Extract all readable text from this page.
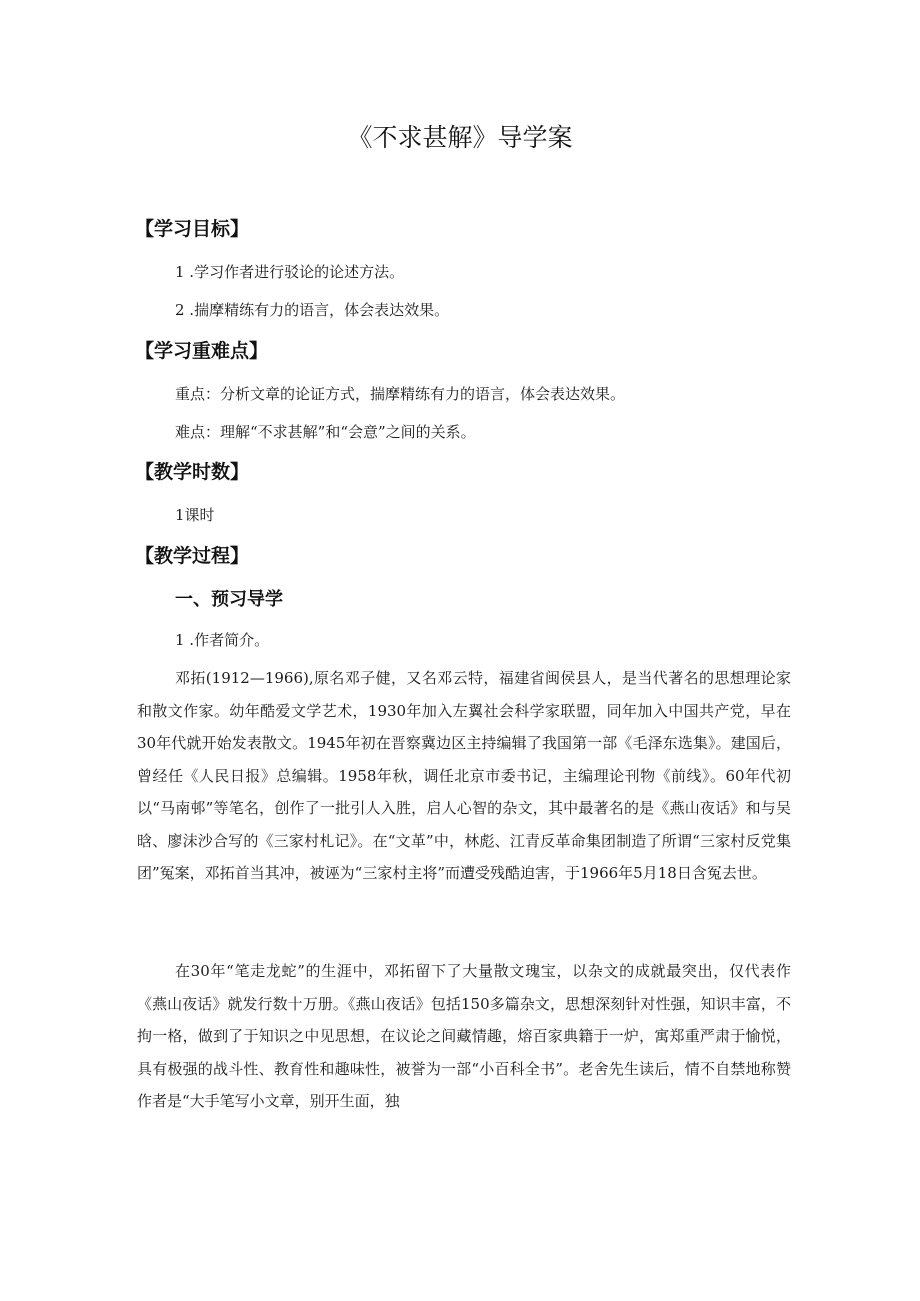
《不求甚解》导学案
【学习目标】
1 .学习作者进行驳论的论述方法。
2 .揣摩精练有力的语言，体会表达效果。
【学习重难点】
重点：分析文章的论证方式，揣摩精练有力的语言，体会表达效果。
难点：理解“不求甚解”和“会意”之间的关系。
【教学时数】
1课时
【教学过程】
一、预习导学
1 .作者简介。

邓拓(1912—1966),原名邓子健，又名邓云特，福建省闽侯县人，是当代著名的思想理论家和散文作家。幼年酷爱文学艺术，1930年加入左翼社会科学家联盟，同年加入中国共产党，早在30年代就开始发表散文。1945年初在晋察冀边区主持编辑了我国第一部《毛泽东选集》。建国后，曾经任《人民日报》总编辑。1958年秋，调任北京市委书记，主编理论刊物《前线》。60年代初以“马南邨”等笔名，创作了一批引人入胜，启人心智的杂文，其中最著名的是《燕山夜话》和与吴晗、廖沫沙合写的《三家村札记》。在“文革”中，林彪、江青反革命集团制造了所谓“三家村反党集团”冤案，邓拓首当其冲，被诬为“三家村主将”而遭受残酷迫害，于1966年5月18日含冤去世。

在30年“笔走龙蛇”的生涯中，邓拓留下了大量散文瑰宝，以杂文的成就最突出，仅代表作《燕山夜话》就发行数十万册。《燕山夜话》包括150多篇杂文，思想深刻针对性强，知识丰富，不拘一格，做到了于知识之中见思想，在议论之间藏情趣，熔百家典籍于一炉，寓郑重严肃于愉悦，具有极强的战斗性、教育性和趣味性，被誉为一部“小百科全书”。老舍先生读后，情不自禁地称赞作者是“大手笔写小文章，别开生面，独
